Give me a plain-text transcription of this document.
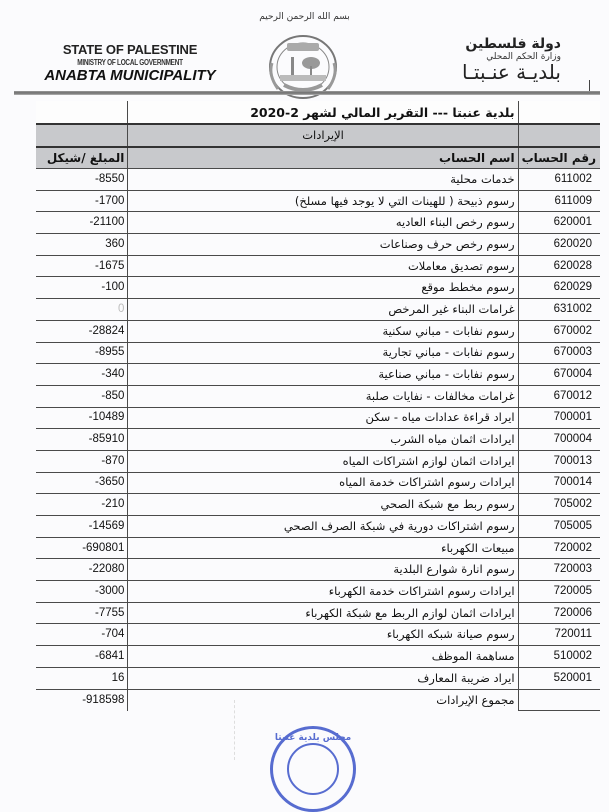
بسم الله الرحمن الرحيم
STATE OF PALESTINE
MINISTRY OF LOCAL GOVERNMENT
ANABTA MUNICIPALITY
دولة فلسطين
وزارة الحكم المحلي
بلديـة عنـبتـا
	بلدية عنبتا --- التقرير المالي لشهر 2-2020	
	الإيرادات	
رقم الحساب	اسم الحساب	المبلغ /شيكل
611002	خدمات محلية	-8550
611009	رسوم ذبيحة ( للهينات التي لا يوجد فيها مسلخ)	-1700
620001	رسوم رخص البناء العاديه	-21100
620020	رسوم رخص حرف وصناعات	360
620028	رسوم تصديق معاملات	-1675
620029	رسوم مخطط موقع	-100
631002	غرامات البناء غير المرخص	0
670002	رسوم نفابات - مباني سكنية	-28824
670003	رسوم نفابات - مباني تجارية	-8955
670004	رسوم نفابات - مباني صناعية	-340
670012	غرامات مخالفات - نفايات صلبة	-850
700001	ايراد قراءة عدادات مياه - سكن	-10489
700004	ايرادات اثمان مياه الشرب	-85910
700013	ايرادات اثمان لوازم اشتراكات المياه	-870
700014	ايرادات رسوم اشتراكات خدمة المياه	-3650
705002	رسوم ربط مع شبكة الصحي	-210
705005	رسوم اشتراكات دورية في شبكة الصرف الصحي	-14569
720002	مبيعات الكهرباء	-690801
720003	رسوم انارة شوارع البلدية	-22080
720005	ايرادات رسوم اشتراكات خدمة الكهرباء	-3000
720006	ايرادات اثمان لوازم الربط مع شبكة الكهرباء	-7755
720011	رسوم صيانة شبكه الكهرباء	-704
510002	مساهمة الموظف	-6841
520001	ايراد ضريبة المعارف	16
	مجموع الإيرادات	-918598
مجلس بلدية عنبتا
